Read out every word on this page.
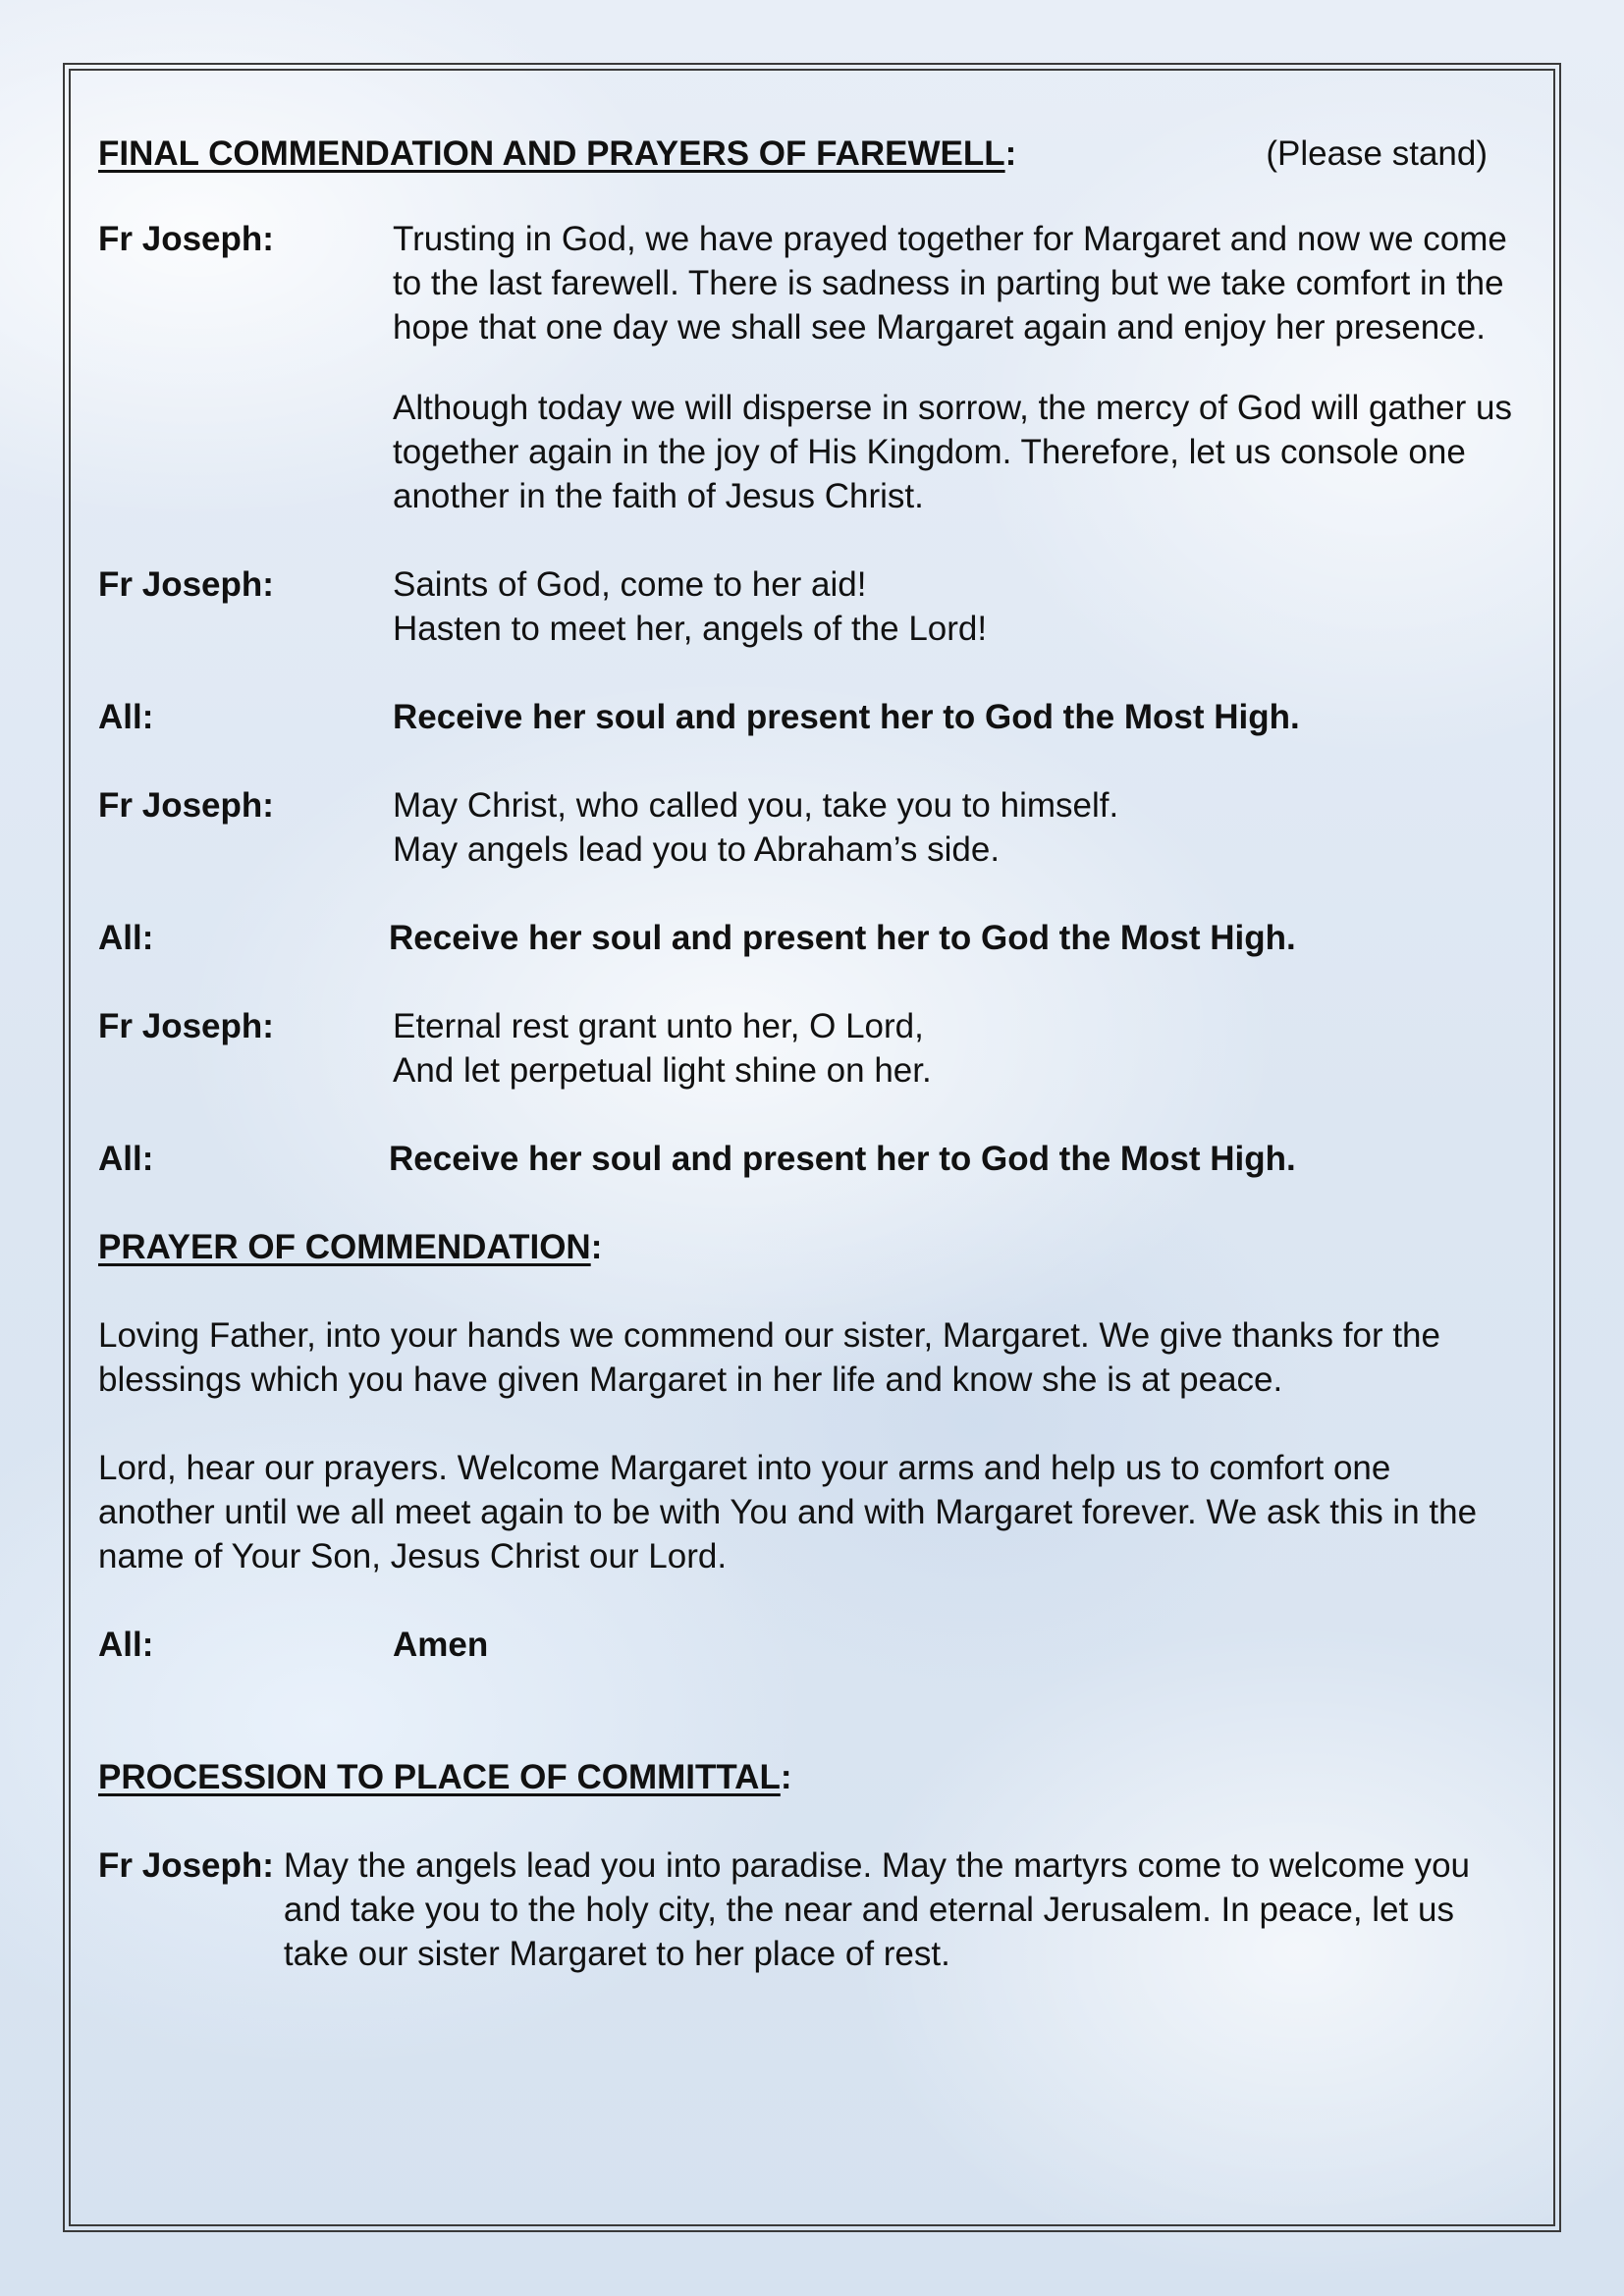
FINAL COMMENDATION AND PRAYERS OF FAREWELL:	(Please stand)
Fr Joseph:	Trusting in God, we have prayed together for Margaret and now we come to the last farewell. There is sadness in parting but we take comfort in the hope that one day we shall see Margaret again and enjoy her presence.

Although today we will disperse in sorrow, the mercy of God will gather us together again in the joy of His Kingdom. Therefore, let us console one another in the faith of Jesus Christ.

Fr Joseph:	Saints of God, come to her aid!
Hasten to meet her, angels of the Lord!
All:	Receive her soul and present her to God the Most High.
Fr Joseph:	May Christ, who called you, take you to himself.
May angels lead you to Abraham’s side.
All:	Receive her soul and present her to God the Most High.
Fr Joseph:	Eternal rest grant unto her, O Lord,
And let perpetual light shine on her.
All:	Receive her soul and present her to God the Most High.
PRAYER OF COMMENDATION:

Loving Father, into your hands we commend our sister, Margaret. We give thanks for the blessings which you have given Margaret in her life and know she is at peace.

Lord, hear our prayers. Welcome Margaret into your arms and help us to comfort one another until we all meet again to be with You and with Margaret forever. We ask this in the name of Your Son, Jesus Christ our Lord.

All:	Amen
PROCESSION TO PLACE OF COMMITTAL:
Fr Joseph: May the angels lead you into paradise. May the martyrs come to welcome you and take you to the holy city, the near and eternal Jerusalem. In peace, let us take our sister Margaret to her place of rest.
